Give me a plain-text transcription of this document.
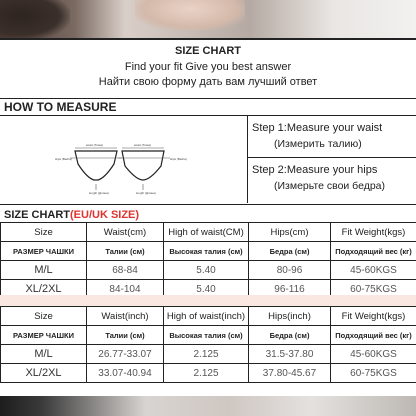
SIZE CHART
Find your fit Give you best answer
Найти свою форму дать вам лучший ответ
HOW TO MEASURE
waist (Tulea)
Hips (Bedra)
length (Длина)
waist (Tulea)
Hips (Bedra)
length (Длина)
Step 1:Measure your waist
(Измерить талию)
Step 2:Measure your hips
(Измерьте свои бедра)
SIZE CHART(EU/UK SIZE)
Size	Waist(cm)	High of waist(CM)	Hips(cm)	Fit Weight(kgs)
РАЗМЕР ЧАШКИ	Талии (см)	Высокая талия (см)	Бедра (см)	Подходящий вес (кг)
M/L	68-84	5.40	80-96	45-60KGS
XL/2XL	84-104	5.40	96-116	60-75KGS
Size	Waist(inch)	High of waist(inch)	Hips(inch)	Fit Weight(kgs)
РАЗМЕР ЧАШКИ	Талии (см)	Высокая талия (см)	Бедра (см)	Подходящий вес (кг)
M/L	26.77-33.07	2.125	31.5-37.80	45-60KGS
XL/2XL	33.07-40.94	2.125	37.80-45.67	60-75KGS
